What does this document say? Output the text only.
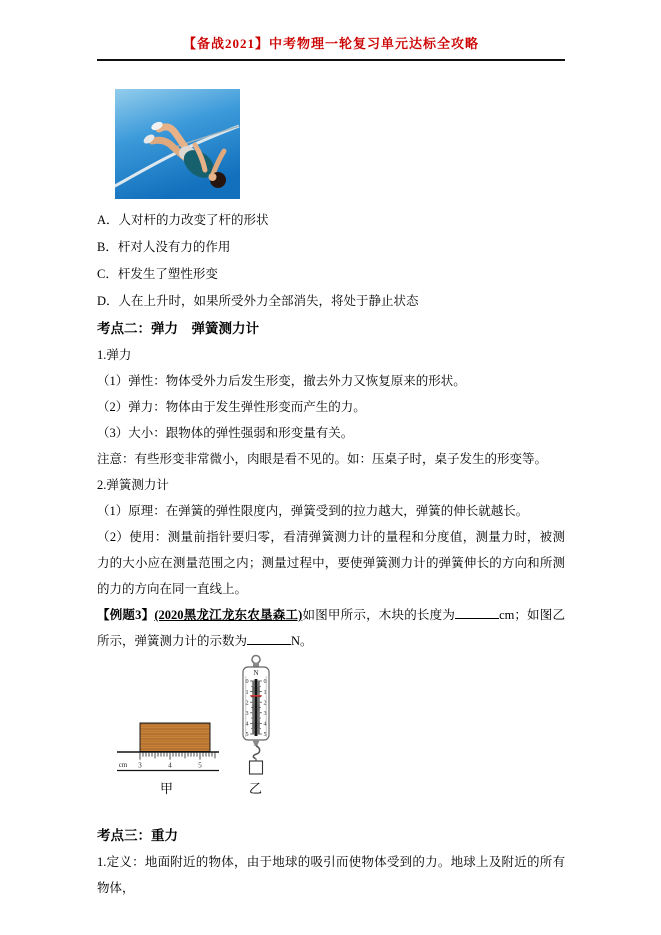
【备战2021】中考物理一轮复习单元达标全攻略
A．人对杆的力改变了杆的形状
B．杆对人没有力的作用
C．杆发生了塑性形变
D．人在上升时，如果所受外力全部消失，将处于静止状态
考点二：弹力　弹簧测力计

1.弹力

（1）弹性：物体受外力后发生形变，撤去外力又恢复原来的形状。

（2）弹力：物体由于发生弹性形变而产生的力。

（3）大小：跟物体的弹性强弱和形变量有关。

注意：有些形变非常微小，肉眼是看不见的。如：压桌子时，桌子发生的形变等。

2.弹簧测力计

（1）原理：在弹簧的弹性限度内，弹簧受到的拉力越大，弹簧的伸长就越长。

（2）使用：测量前指针要归零，看清弹簧测力计的量程和分度值，测量力时，被测力的大小应在测量范围之内；测量过程中，要使弹簧测力计的弹簧伸长的方向和所测的力的方向在同一直线上。

【例题3】(2020黑龙江龙东农垦森工)如图甲所示，木块的长度为	cm；如图乙所示，弹簧测力计的示数为	N。

cm 3	4	5
甲
N
0 0
1 1
2 2
3 3
4 4
5 5
乙
考点三：重力

1.定义：地面附近的物体，由于地球的吸引而使物体受到的力。地球上及附近的所有物体，
